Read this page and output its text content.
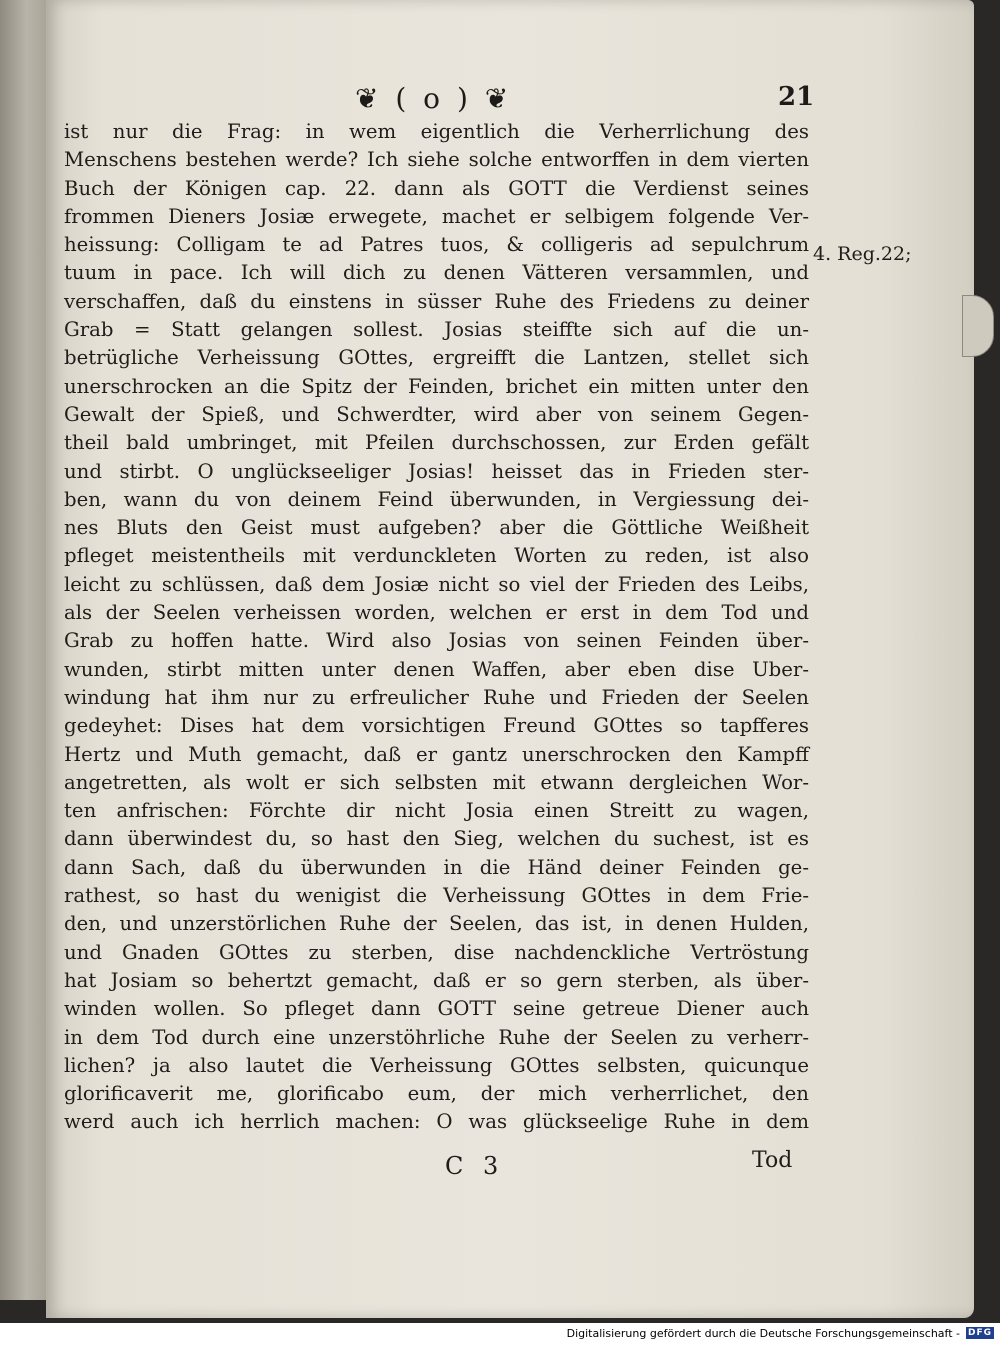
❦ ( o ) ❦	21
ist nur die Frag: in wem eigentlich die Verherrlichung des
Menschens bestehen werde? Ich siehe solche entworffen in dem vierten
Buch der Königen cap. 22. dann als GOTT die Verdienst seines
frommen Dieners Josiæ erwegete, machet er selbigem folgende Ver-
heissung: Colligam te ad Patres tuos, & colligeris ad sepulchrum
tuum in pace. Ich will dich zu denen Vätteren versammlen, und
verschaffen, daß du einstens in süsser Ruhe des Friedens zu deiner
Grab = Statt gelangen sollest. Josias steiffte sich auf die un-
betrügliche Verheissung GOttes, ergreifft die Lantzen, stellet sich
unerschrocken an die Spitz der Feinden, brichet ein mitten unter den
Gewalt der Spieß, und Schwerdter, wird aber von seinem Gegen-
theil bald umbringet, mit Pfeilen durchschossen, zur Erden gefält
und stirbt. O unglückseeliger Josias! heisset das in Frieden ster-
ben, wann du von deinem Feind überwunden, in Vergiessung dei-
nes Bluts den Geist must aufgeben? aber die Göttliche Weißheit
pfleget meistentheils mit verdunckleten Worten zu reden, ist also
leicht zu schlüssen, daß dem Josiæ nicht so viel der Frieden des Leibs,
als der Seelen verheissen worden, welchen er erst in dem Tod und
Grab zu hoffen hatte. Wird also Josias von seinen Feinden über-
wunden, stirbt mitten unter denen Waffen, aber eben dise Uber-
windung hat ihm nur zu erfreulicher Ruhe und Frieden der Seelen
gedeyhet: Dises hat dem vorsichtigen Freund GOttes so tapfferes
Hertz und Muth gemacht, daß er gantz unerschrocken den Kampff
angetretten, als wolt er sich selbsten mit etwann dergleichen Wor-
ten anfrischen: Förchte dir nicht Josia einen Streitt zu wagen,
dann überwindest du, so hast den Sieg, welchen du suchest, ist es
dann Sach, daß du überwunden in die Händ deiner Feinden ge-
rathest, so hast du wenigist die Verheissung GOttes in dem Frie-
den, und unzerstörlichen Ruhe der Seelen, das ist, in denen Hulden,
und Gnaden GOttes zu sterben, dise nachdenckliche Vertröstung
hat Josiam so behertzt gemacht, daß er so gern sterben, als über-
winden wollen. So pfleget dann GOTT seine getreue Diener auch
in dem Tod durch eine unzerstöhrliche Ruhe der Seelen zu verherr-
lichen? ja also lautet die Verheissung GOttes selbsten, quicunque
glorificaverit me, glorificabo eum, der mich verherrlichet, den
werd auch ich herrlich machen: O was glückseelige Ruhe in dem
4. Reg.22;
C 3	Tod
Digitalisierung gefördert durch die Deutsche Forschungsgemeinschaft - DFG
